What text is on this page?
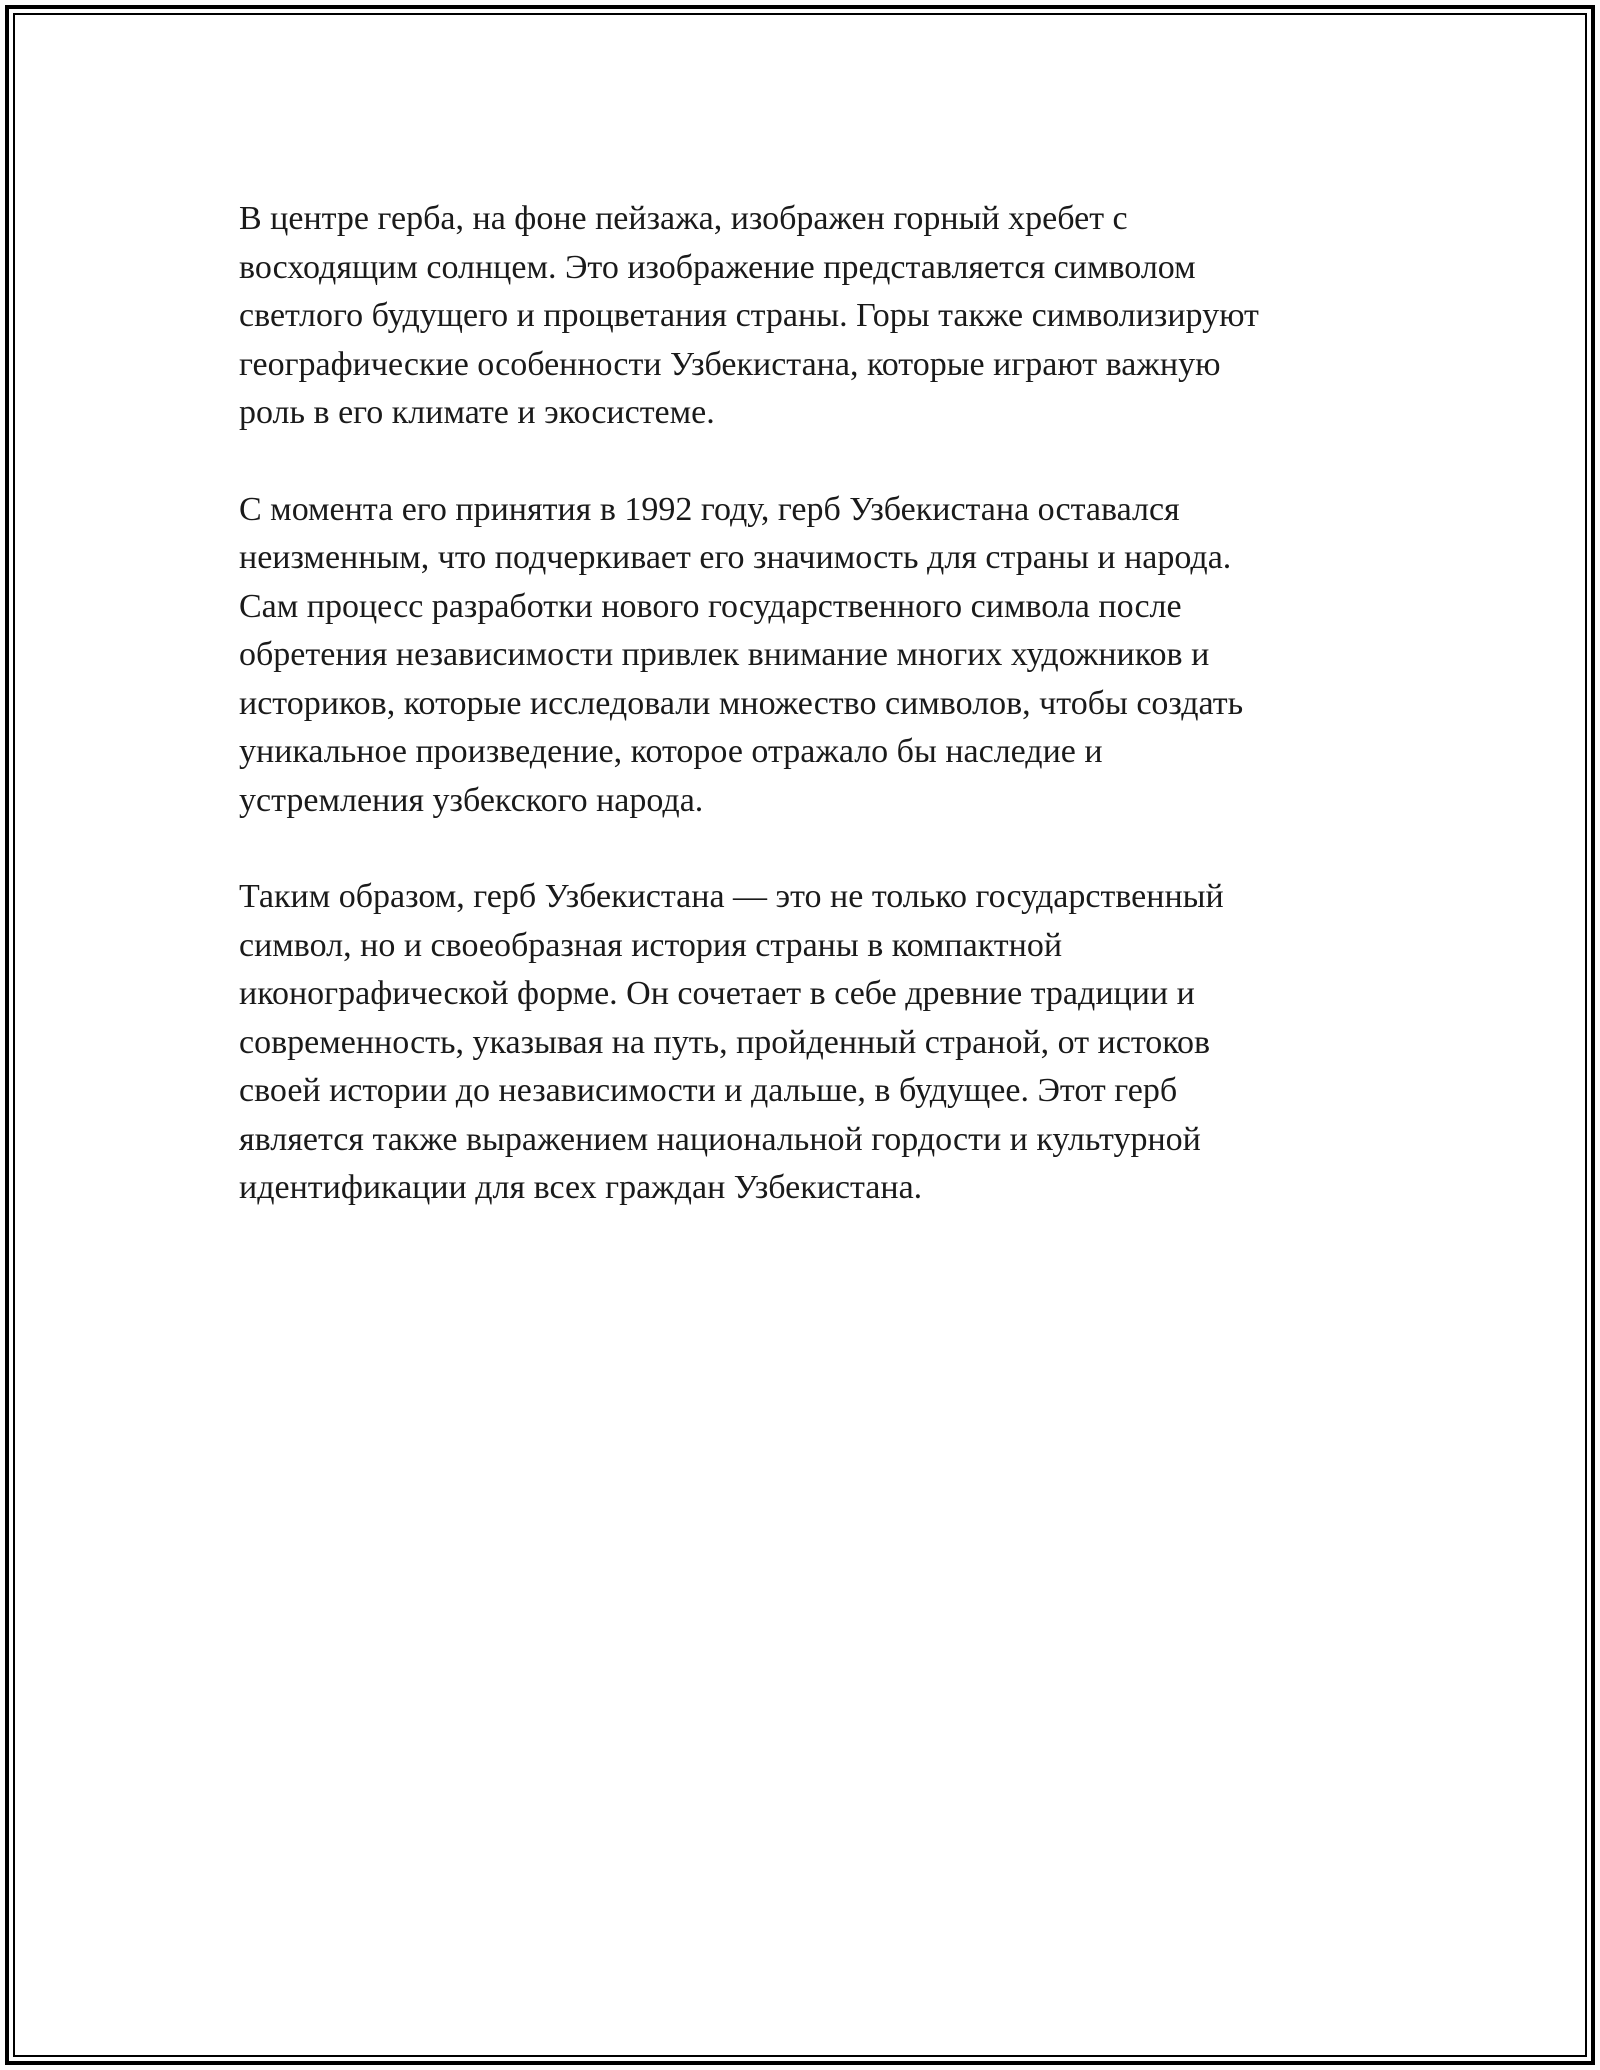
В центре герба, на фоне пейзажа, изображен горный хребет с
восходящим солнцем. Это изображение представляется символом
светлого будущего и процветания страны. Горы также символизируют
географические особенности Узбекистана, которые играют важную
роль в его климате и экосистеме.

С момента его принятия в 1992 году, герб Узбекистана оставался
неизменным, что подчеркивает его значимость для страны и народа.
Сам процесс разработки нового государственного символа после
обретения независимости привлек внимание многих художников и
историков, которые исследовали множество символов, чтобы создать
уникальное произведение, которое отражало бы наследие и
устремления узбекского народа.

Таким образом, герб Узбекистана — это не только государственный
символ, но и своеобразная история страны в компактной
иконографической форме. Он сочетает в себе древние традиции и
современность, указывая на путь, пройденный страной, от истоков
своей истории до независимости и дальше, в будущее. Этот герб
является также выражением национальной гордости и культурной
идентификации для всех граждан Узбекистана.
